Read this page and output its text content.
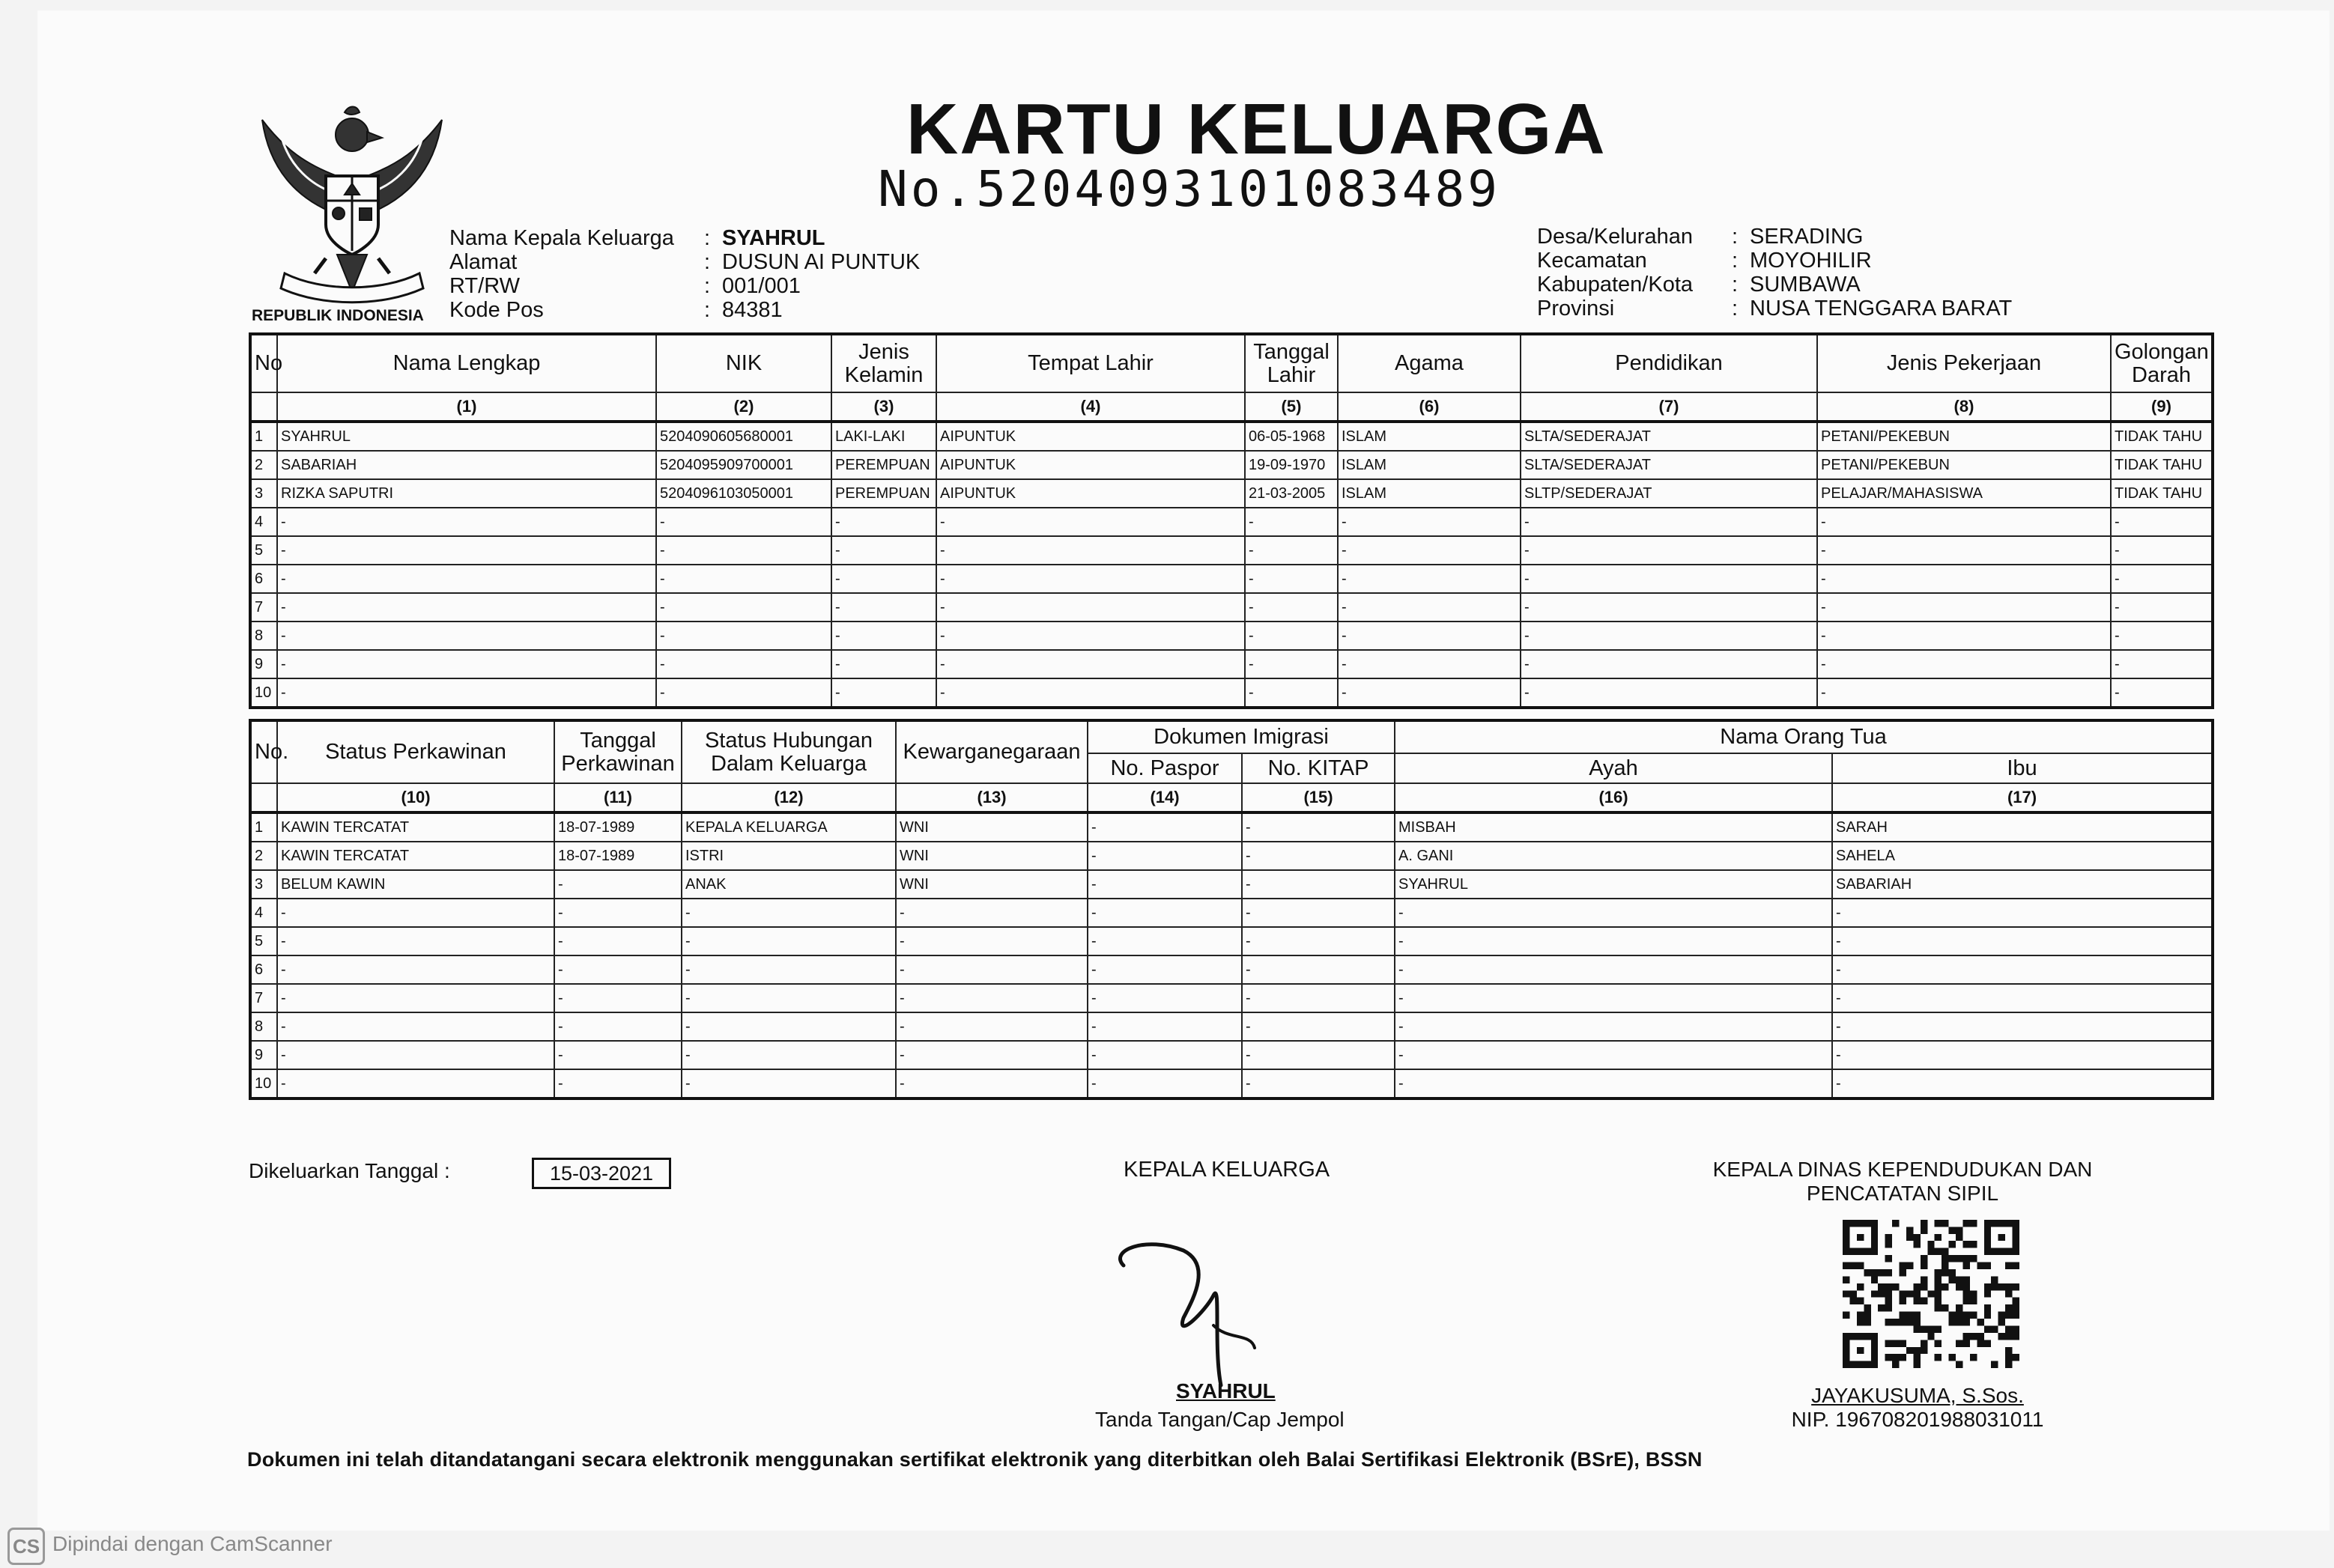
REPUBLIK INDONESIA
KARTU KELUARGA
No.5204093101083489
Nama Kepala Keluarga	: SYAHRUL
Alamat	: DUSUN AI PUNTUK
RT/RW	: 001/001
Kode Pos	: 84381
Desa/Kelurahan	: SERADING
Kecamatan	: MOYOHILIR
Kabupaten/Kota	: SUMBAWA
Provinsi	: NUSA TENGGARA BARAT
No	Nama Lengkap	NIK	Jenis Kelamin	Tempat Lahir	Tanggal Lahir	Agama	Pendidikan	Jenis Pekerjaan	Golongan Darah
	(1)	(2)	(3)	(4)	(5)	(6)	(7)	(8)	(9)
1	SYAHRUL	5204090605680001	LAKI-LAKI	AIPUNTUK	06-05-1968	ISLAM	SLTA/SEDERAJAT	PETANI/PEKEBUN	TIDAK TAHU
2	SABARIAH	5204095909700001	PEREMPUAN	AIPUNTUK	19-09-1970	ISLAM	SLTA/SEDERAJAT	PETANI/PEKEBUN	TIDAK TAHU
3	RIZKA SAPUTRI	5204096103050001	PEREMPUAN	AIPUNTUK	21-03-2005	ISLAM	SLTP/SEDERAJAT	PELAJAR/MAHASISWA	TIDAK TAHU
4	-	-	-	-	-	-	-	-	-
5	-	-	-	-	-	-	-	-	-
6	-	-	-	-	-	-	-	-	-
7	-	-	-	-	-	-	-	-	-
8	-	-	-	-	-	-	-	-	-
9	-	-	-	-	-	-	-	-	-
10	-	-	-	-	-	-	-	-	-
No.	Status Perkawinan	Tanggal Perkawinan	Status Hubungan Dalam Keluarga	Kewarganegaraan	Dokumen Imigrasi		Nama Orang Tua	
					No. Paspor	No. KITAP	Ayah	Ibu
	(10)	(11)	(12)	(13)	(14)	(15)	(16)	(17)
1	KAWIN TERCATAT	18-07-1989	KEPALA KELUARGA	WNI	-	-	MISBAH	SARAH
2	KAWIN TERCATAT	18-07-1989	ISTRI	WNI	-	-	A. GANI	SAHELA
3	BELUM KAWIN	-	ANAK	WNI	-	-	SYAHRUL	SABARIAH
4	-	-	-	-	-	-	-	-
5	-	-	-	-	-	-	-	-
6	-	-	-	-	-	-	-	-
7	-	-	-	-	-	-	-	-
8	-	-	-	-	-	-	-	-
9	-	-	-	-	-	-	-	-
10	-	-	-	-	-	-	-	-
Dikeluarkan Tanggal :	15-03-2021	KEPALA KELUARGA
SYAHRUL
Tanda Tangan/Cap Jempol
KEPALA DINAS KEPENDUDUKAN DAN
PENCATATAN SIPIL
JAYAKUSUMA, S.Sos.
NIP. 196708201988031011
Dokumen ini telah ditandatangani secara elektronik menggunakan sertifikat elektronik yang diterbitkan oleh Balai Sertifikasi Elektronik (BSrE), BSSN
CS Dipindai dengan CamScanner
